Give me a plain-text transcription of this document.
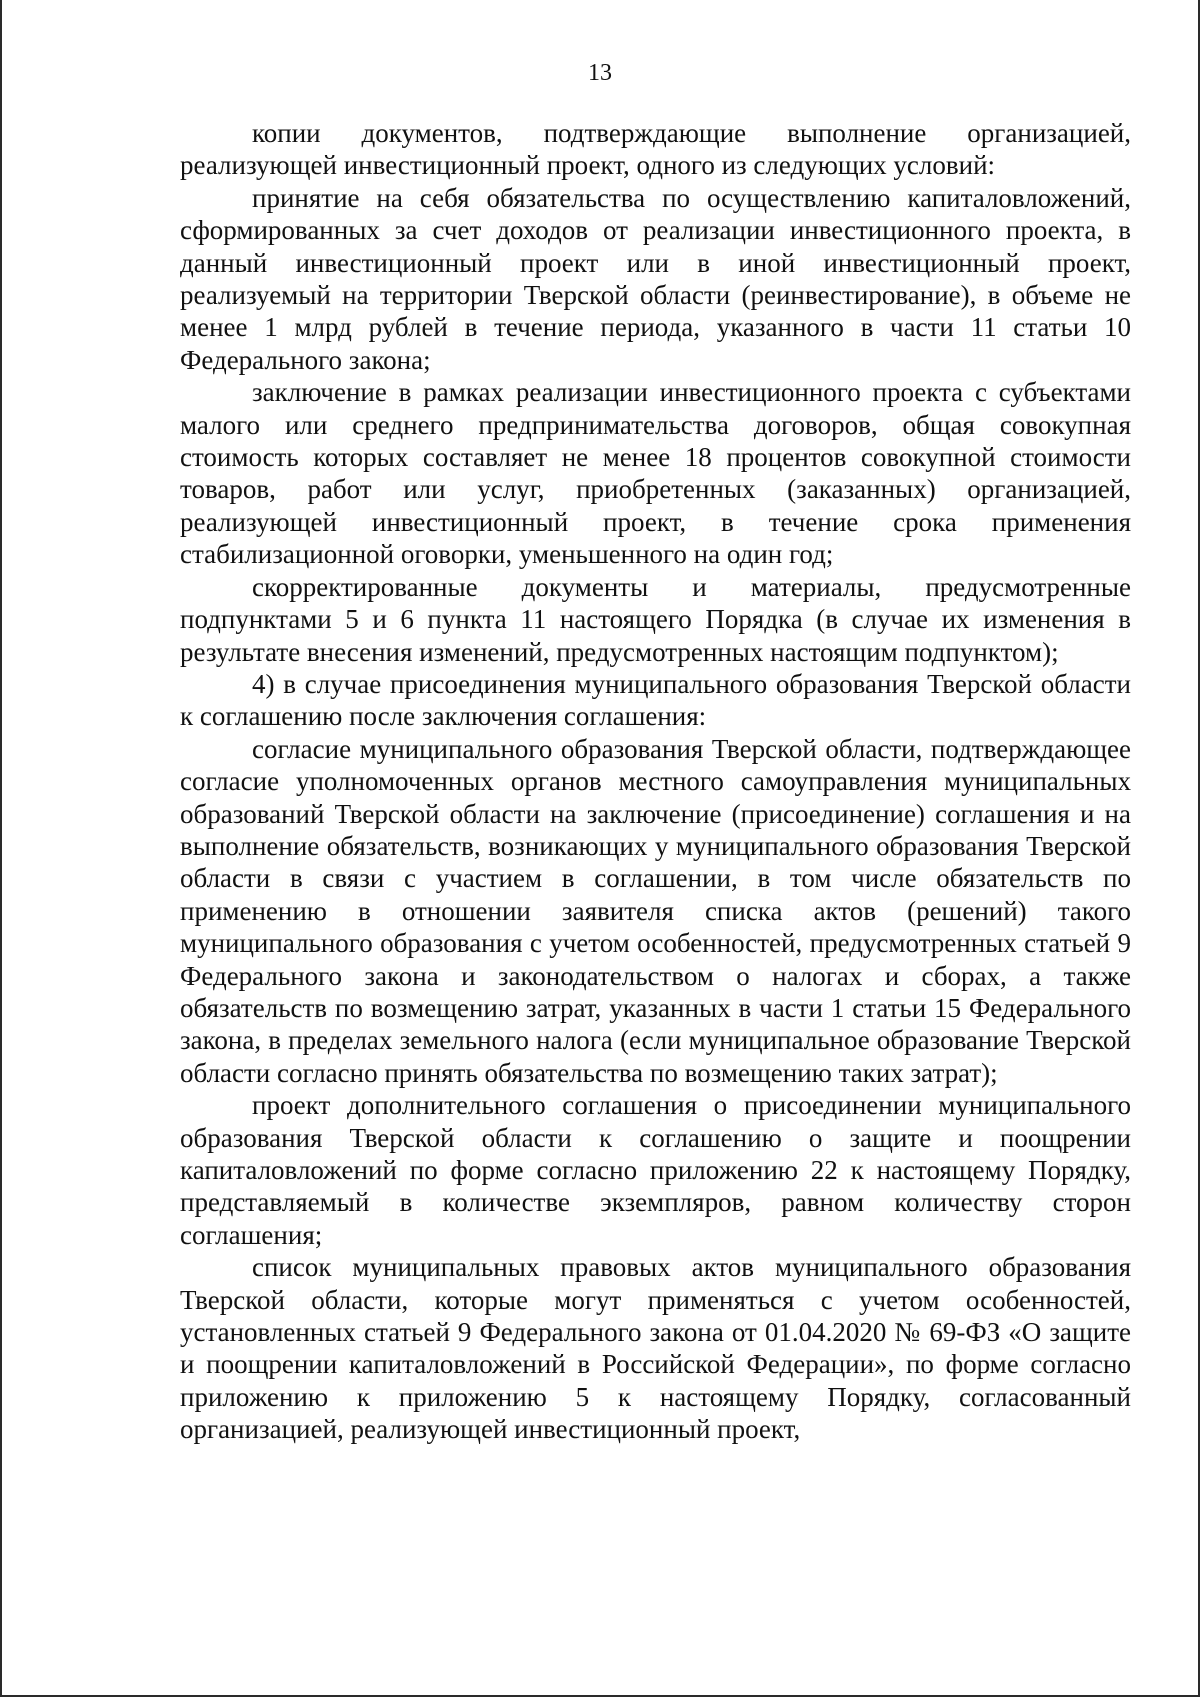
13

копии документов, подтверждающие выполнение организацией, реализующей инвестиционный проект, одного из следующих условий:

принятие на себя обязательства по осуществлению капиталовложений, сформированных за счет доходов от реализации инвестиционного проекта, в данный инвестиционный проект или в иной инвестиционный проект, реализуемый на территории Тверской области (реинвестирование), в объеме не менее 1 млрд рублей в течение периода, указанного в части 11 статьи 10 Федерального закона;

заключение в рамках реализации инвестиционного проекта с субъектами малого или среднего предпринимательства договоров, общая совокупная стоимость которых составляет не менее 18 процентов совокупной стоимости товаров, работ или услуг, приобретенных (заказанных) организацией, реализующей инвестиционный проект, в течение срока применения стабилизационной оговорки, уменьшенного на один год;

скорректированные документы и материалы, предусмотренные подпунктами 5 и 6 пункта 11 настоящего Порядка (в случае их изменения в результате внесения изменений, предусмотренных настоящим подпунктом);

4) в случае присоединения муниципального образования Тверской области к соглашению после заключения соглашения:

согласие муниципального образования Тверской области, подтверждающее согласие уполномоченных органов местного самоуправления муниципальных образований Тверской области на заключение (присоединение) соглашения и на выполнение обязательств, возникающих у муниципального образования Тверской области в связи с участием в соглашении, в том числе обязательств по применению в отношении заявителя списка актов (решений) такого муниципального образования с учетом особенностей, предусмотренных статьей 9 Федерального закона и законодательством о налогах и сборах, а также обязательств по возмещению затрат, указанных в части 1 статьи 15 Федерального закона, в пределах земельного налога (если муниципальное образование Тверской области согласно принять обязательства по возмещению таких затрат);

проект дополнительного соглашения о присоединении муниципального образования Тверской области к соглашению о защите и поощрении капиталовложений по форме согласно приложению 22 к настоящему Порядку, представляемый в количестве экземпляров, равном количеству сторон соглашения;

список муниципальных правовых актов муниципального образования Тверской области, которые могут применяться с учетом особенностей, установленных статьей 9 Федерального закона от 01.04.2020 № 69-ФЗ «О защите и поощрении капиталовложений в Российской Федерации», по форме согласно приложению к приложению 5 к настоящему Порядку, согласованный организацией, реализующей инвестиционный проект,
